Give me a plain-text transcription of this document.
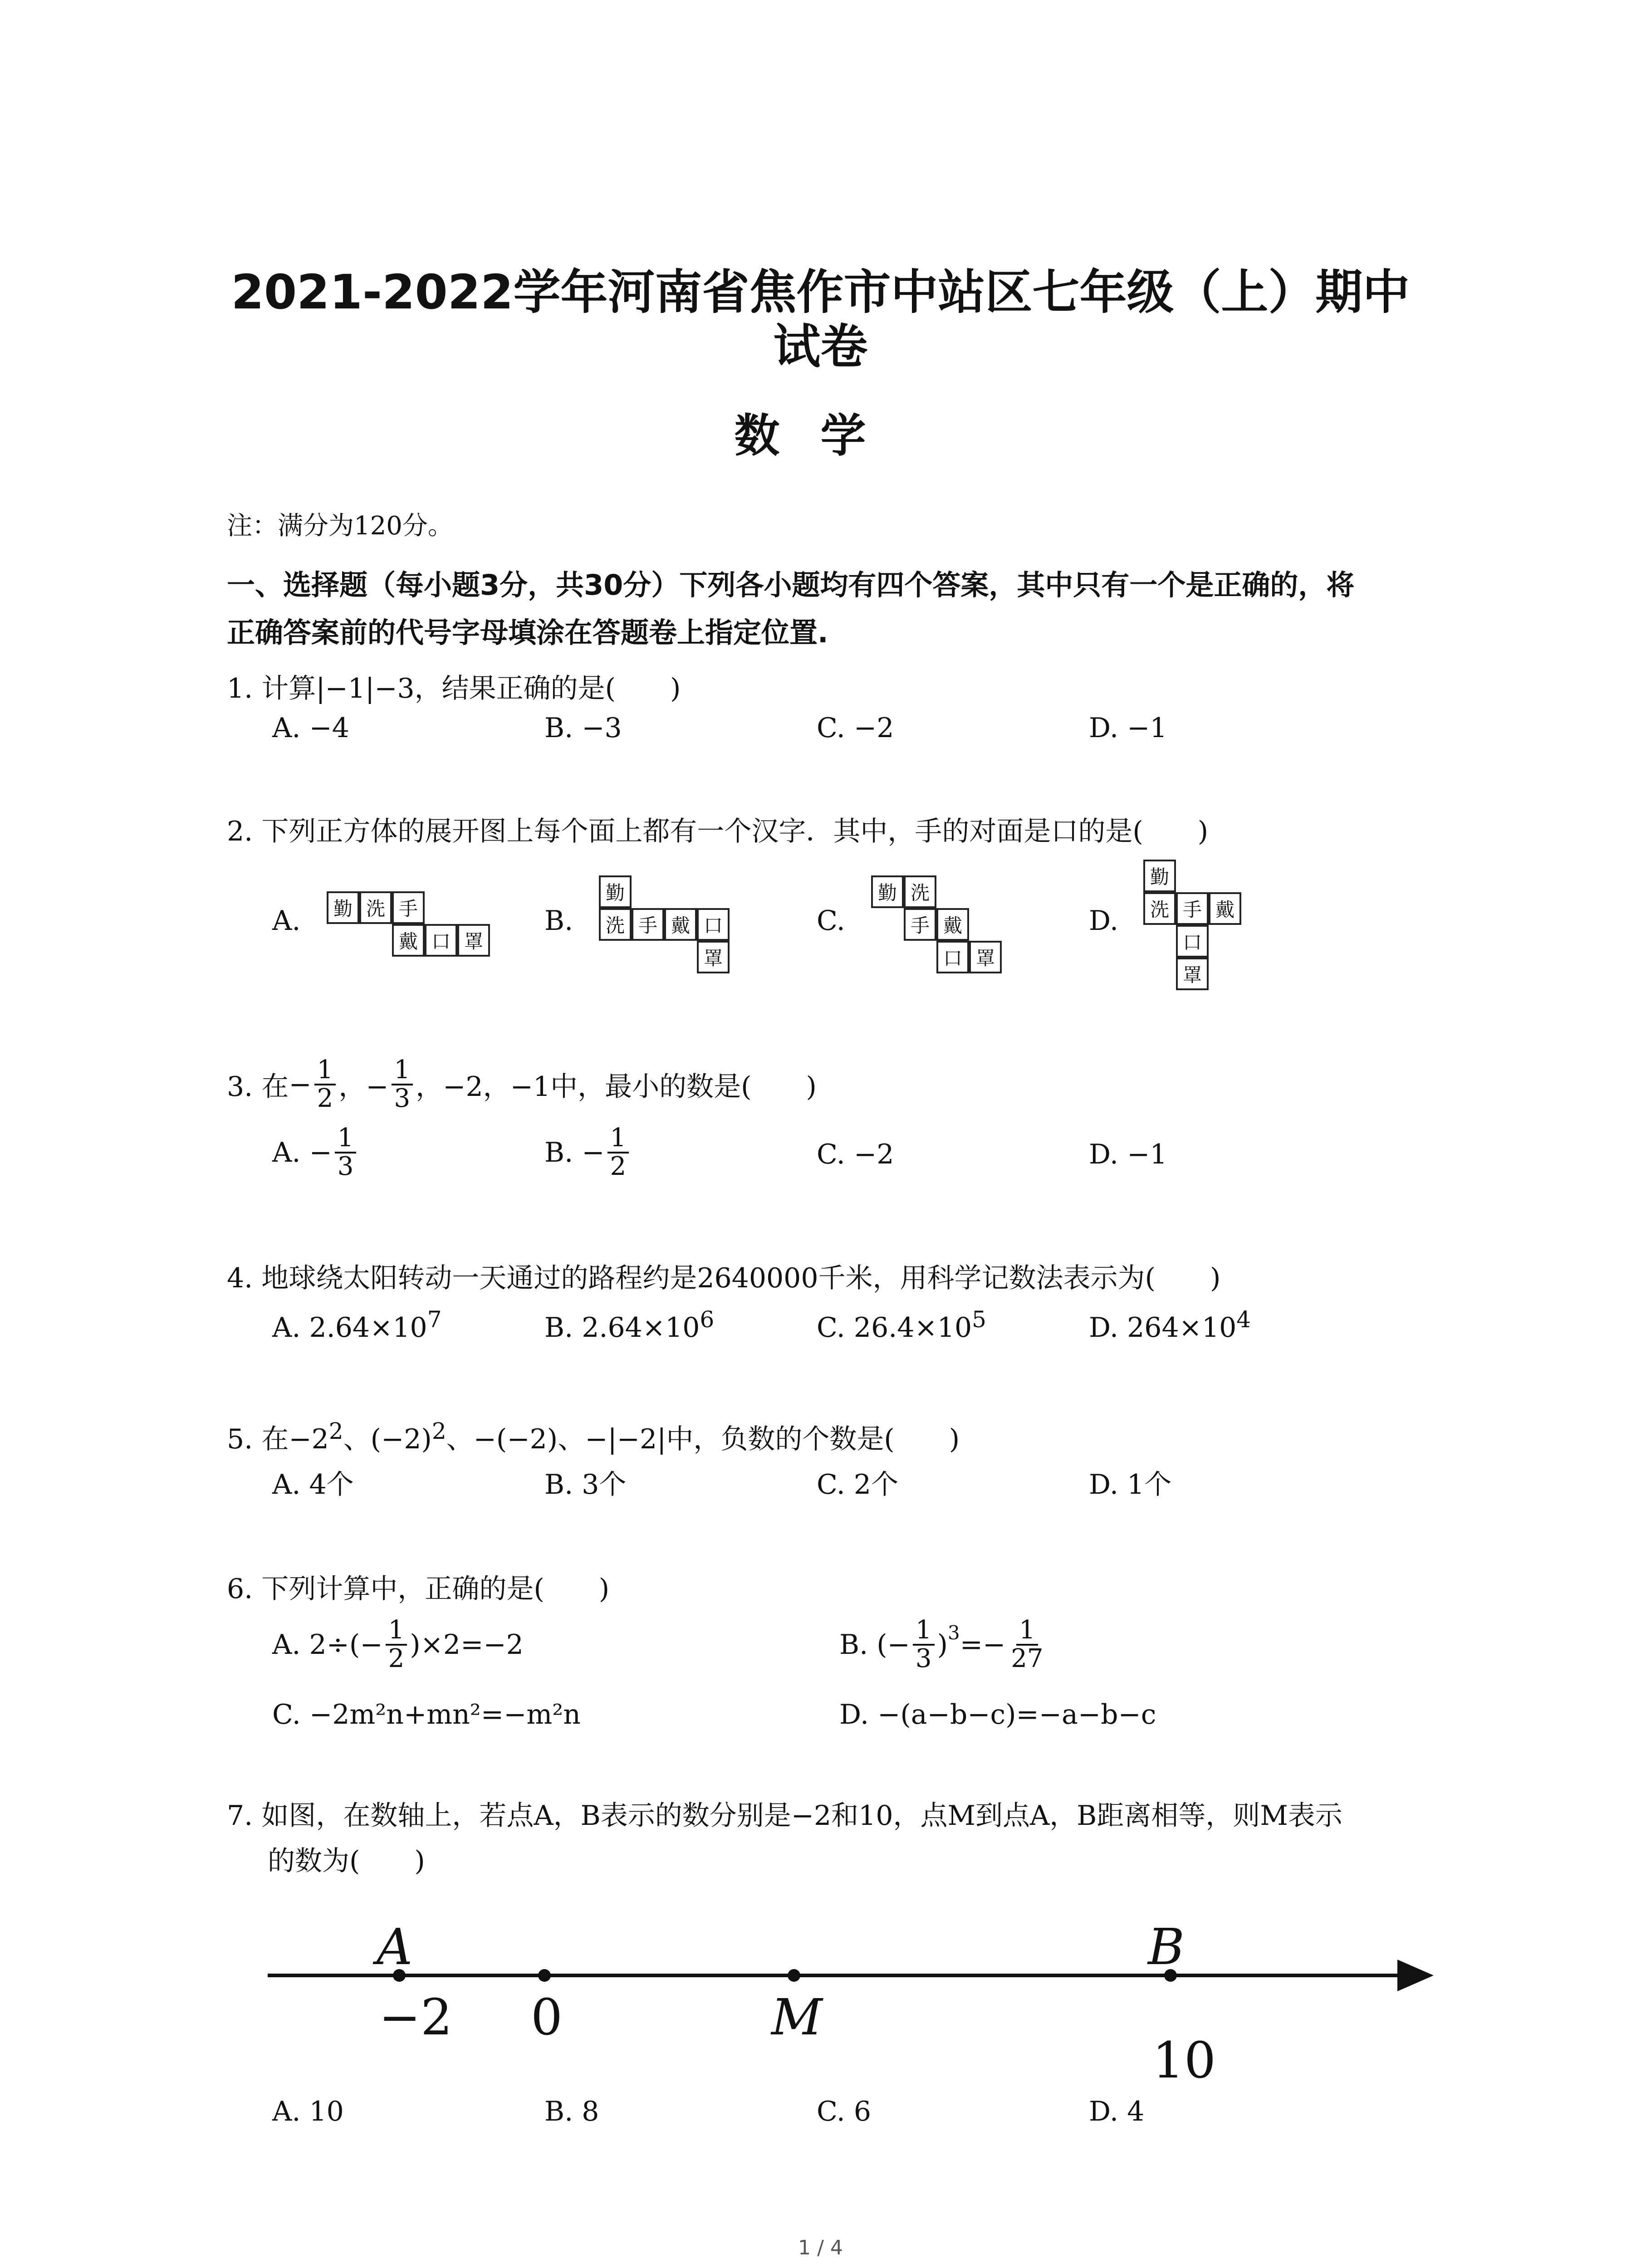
2021-2022学年河南省焦作市中站区七年级（上）期中
试卷
数学
注：满分为120分。
一、选择题（每小题3分，共30分）下列各小题均有四个答案，其中只有一个是正确的，将
正确答案前的代号字母填涂在答题卷上指定位置.
1. 计算|−1|−3，结果正确的是(　　)
A. −4	B. −3	C. −2	D. −1
2. 下列正方体的展开图上每个面上都有一个汉字．其中，手的对面是口的是(　　)
A.	勤 洗 手
戴 口 罩
B.
勤
洗 手 戴 口
罩
C.
勤 洗
手 戴
口 罩
D.
勤
洗 手 戴
口
罩
3. 在 − $\frac{1}{2}$ ，− $\frac{1}{3}$ ，−2，−1中，最小的数是(　　)
A. − $\frac{1}{3}$	B. − $\frac{1}{2}$	C. −2	D. −1
4. 地球绕太阳转动一天通过的路程约是2640000千米，用科学记数法表示为(　　)
A. $2.64\times 10^7$	B. $2.64\times 10^6$	C. $26.4\times 10^5$	D. $264\times 10^4$
5. 在$-2^2$、$(-2)^2$、−(−2)、−|−2|中，负数的个数是(　　)
A. 4个	B. 3个	C. 2个	D. 1个
6. 下列计算中，正确的是(　　)
A. $2\div(- \frac{1}{2} )\times 2=-2$	B. (− $\frac{1}{3} )^3 =- \frac{1}{27}$
C. −2m²n+mn²=−m²n	D. −(a−b−c)=−a−b−c
7. 如图，在数轴上，若点A，B表示的数分别是−2和10，点M到点A，B距离相等，则M表示
的数为(　　)
A	B
M
−2 0
10
A. 10	B. 8	C. 6	D. 4
1 / 4
